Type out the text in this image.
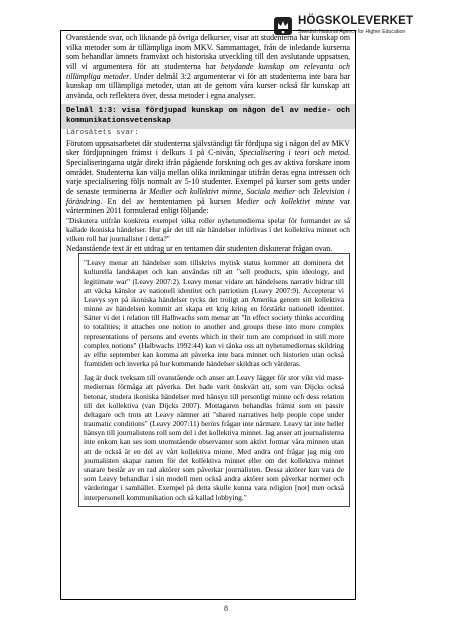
HÖGSKOLEVERKET
Swedish National Agency for Higher Education

Ovanstående svar, och liknande på övriga delkurser, visar att studenterna har kunskap om vilka metoder som är tillämpliga inom MKV. Sammantaget, från de inledande kurserna som behandlar ämnets framväxt och historiska utveckling till den avslutande uppsatsen, vill vi argumentera för att studenterna har betydande kunskap om relevanta och tillämpliga metoder. Under delmål 3:2 argumenterar vi för att studenterna inte bara har kunskap om tillämpliga metoder, utan att de genom våra kurser också får kunskap att använda, och reflektera över, dessa metoder i egna analyser.

Delmål 1:3: visa fördjupad kunskap om någon del av medie- och kommunikationsvetenskap

Lärosätets svar:

Förutom uppsatsarbetet där studenterna självständigt får fördjupa sig i någon del av MKV sker fördjupningen främst i delkurs 1 på C-nivån, Specialisering i teori och metod. Specialiseringarna utgår direkt ifrån pågående forskning och ges av aktiva forskare inom området. Studenterna kan välja mellan olika inriktningar utifrån deras egna intressen och varje specialisering följs normalt av 5-10 studenter. Exempel på kurser som getts under de senaste terminerna är Medier och kollektivt minne, Sociala medier och Television i förändring. En del av hemtentamen på kursen Medier och kollektivt minne var vårterminen 2011 formulerad enligt följande:

"Diskutera utifrån konkreta exempel vilka roller nyhetsmedierna spelar för formandet av så kallade ikoniska händelser. Hur går det till när händelser införlivas i det kollektiva minnet och vilken roll har journalister i detta?"

Nedanstående text är ett utdrag ur en tentamen där studenten diskuterar frågan ovan.

"Leavy menar att händelser som tillskrivs mytisk status kommer att dominera det kulturella landskapet och kan användas till att "sell products, spin ideology, and legitimate war" (Leavy 2007:2). Leavy menar vidare att händelsens narrativ bidrar till att väcka känslor av nationell identitet och patriotism (Leavy 2007:9). Accepterar vi Leavys syn på ikoniska händelser tycks det troligt att Amerika genom sitt kollektiva minne av händelsen kommit att skapa ett krig kring en förstärkt nationell identitet. Sätter vi det i relation till Halbwachs som menar att "In effect society thinks according to totalities; it attaches one notion to another and groups these into more complex representations of persons and events which in their turn are comprised in still more complex notions" (Halbwachs 1992:44) kan vi tänka oss att nyhetsmediernas skildring av elfte september kan komma att påverka inte bara minnet och historien utan också framtiden och inverka på hur kommande händelser skildras och värderas.

Jag är dock tveksam till ovanstående och anser att Leavy lägger för stor vikt vid mass-mediernas förmåga att påverka. Det hade varit önskvärt att, som van Dijcks också betonar, studera ikoniska händelser med hänsyn till personligt minne och dess relation till det kollektiva (van Dijcks 2007). Mottagaren behandlas främst som en passiv deltagare och trots att Leavy nämner att "shared narratives help people cope under traumatic conditions" (Leavy 2007:11) berörs frågan inte närmare. Leavy tar inte heller hänsyn till journalistens roll som del i det kollektiva minnet. Jag anser att journalisterna inte enkom kan ses som utomstående observanter som aktivt formar våra minnen utan att de också är en del av vårt kollektiva minne. Med andra ord frågar jag mig om journalisten skapar ramen för det kollektiva minnet eller om det kollektiva minnet snarare består av en rad aktörer som påverkar journalisten. Dessa aktörer kan vara de som Leavy behandlar i sin modell men också andra aktörer som påverkar normer och värderingar i samhället. Exempel på detta skulle kunna vara religion [not] men också interpersonell kommunikation och så kallad lobbying."

8
